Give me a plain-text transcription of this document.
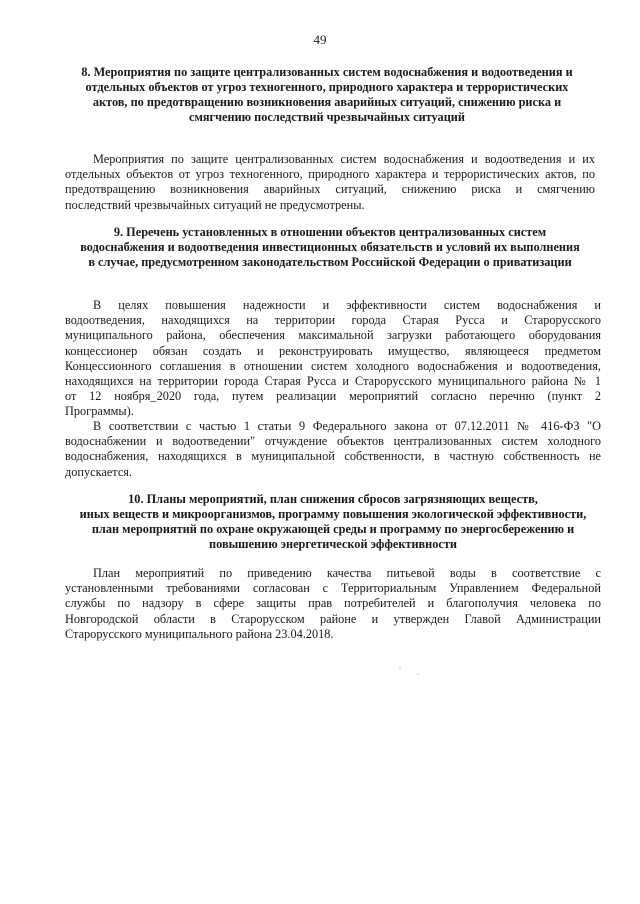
49
8. Мероприятия по защите централизованных систем водоснабжения и водоотведения и
отдельных объектов от угроз техногенного, природного характера и террористических
актов, по предотвращению возникновения аварийных ситуаций, снижению риска и
смягчению последствий чрезвычайных ситуаций
Мероприятия по защите централизованных систем водоснабжения и водоотведения и их
отдельных объектов от угроз техногенного, природного характера и террористических актов, по
предотвращению возникновения аварийных ситуаций, снижению риска и смягчению
последствий чрезвычайных ситуаций не предусмотрены.
9. Перечень установленных в отношении объектов централизованных систем
водоснабжения и водоотведения инвестиционных обязательств и условий их выполнения
в случае, предусмотренном законодательством Российской Федерации о приватизации
В целях повышения надежности и эффективности систем водоснабжения и
водоотведения, находящихся на территории города Старая Русса и Старорусского
муниципального района, обеспечения максимальной загрузки работающего оборудования
концессионер обязан создать и реконструировать имущество, являющееся предметом
Концессионного соглашения в отношении систем холодного водоснабжения и водоотведения,
находящихся на территории города Старая Русса и Старорусского муниципального района № 1
от 12 ноября_2020 года, путем реализации мероприятий согласно перечню (пункт 2
Программы).
В соответствии с частью 1 статьи 9 Федерального закона от 07.12.2011 № 416-ФЗ "О
водоснабжении и водоотведении" отчуждение объектов централизованных систем холодного
водоснабжения, находящихся в муниципальной собственности, в частную собственность не
допускается.
10. Планы мероприятий, план снижения сбросов загрязняющих веществ,
иных веществ и микроорганизмов, программу повышения экологической эффективности,
план мероприятий по охране окружающей среды и программу по энергосбережению и
повышению энергетической эффективности
План мероприятий по приведению качества питьевой воды в соответствие с
установленными требованиями согласован с Территориальным Управлением Федеральной
службы по надзору в сфере защиты прав потребителей и благополучия человека по
Новгородской области в Старорусском районе и утвержден Главой Администрации
Старорусского муниципального района 23.04.2018.
